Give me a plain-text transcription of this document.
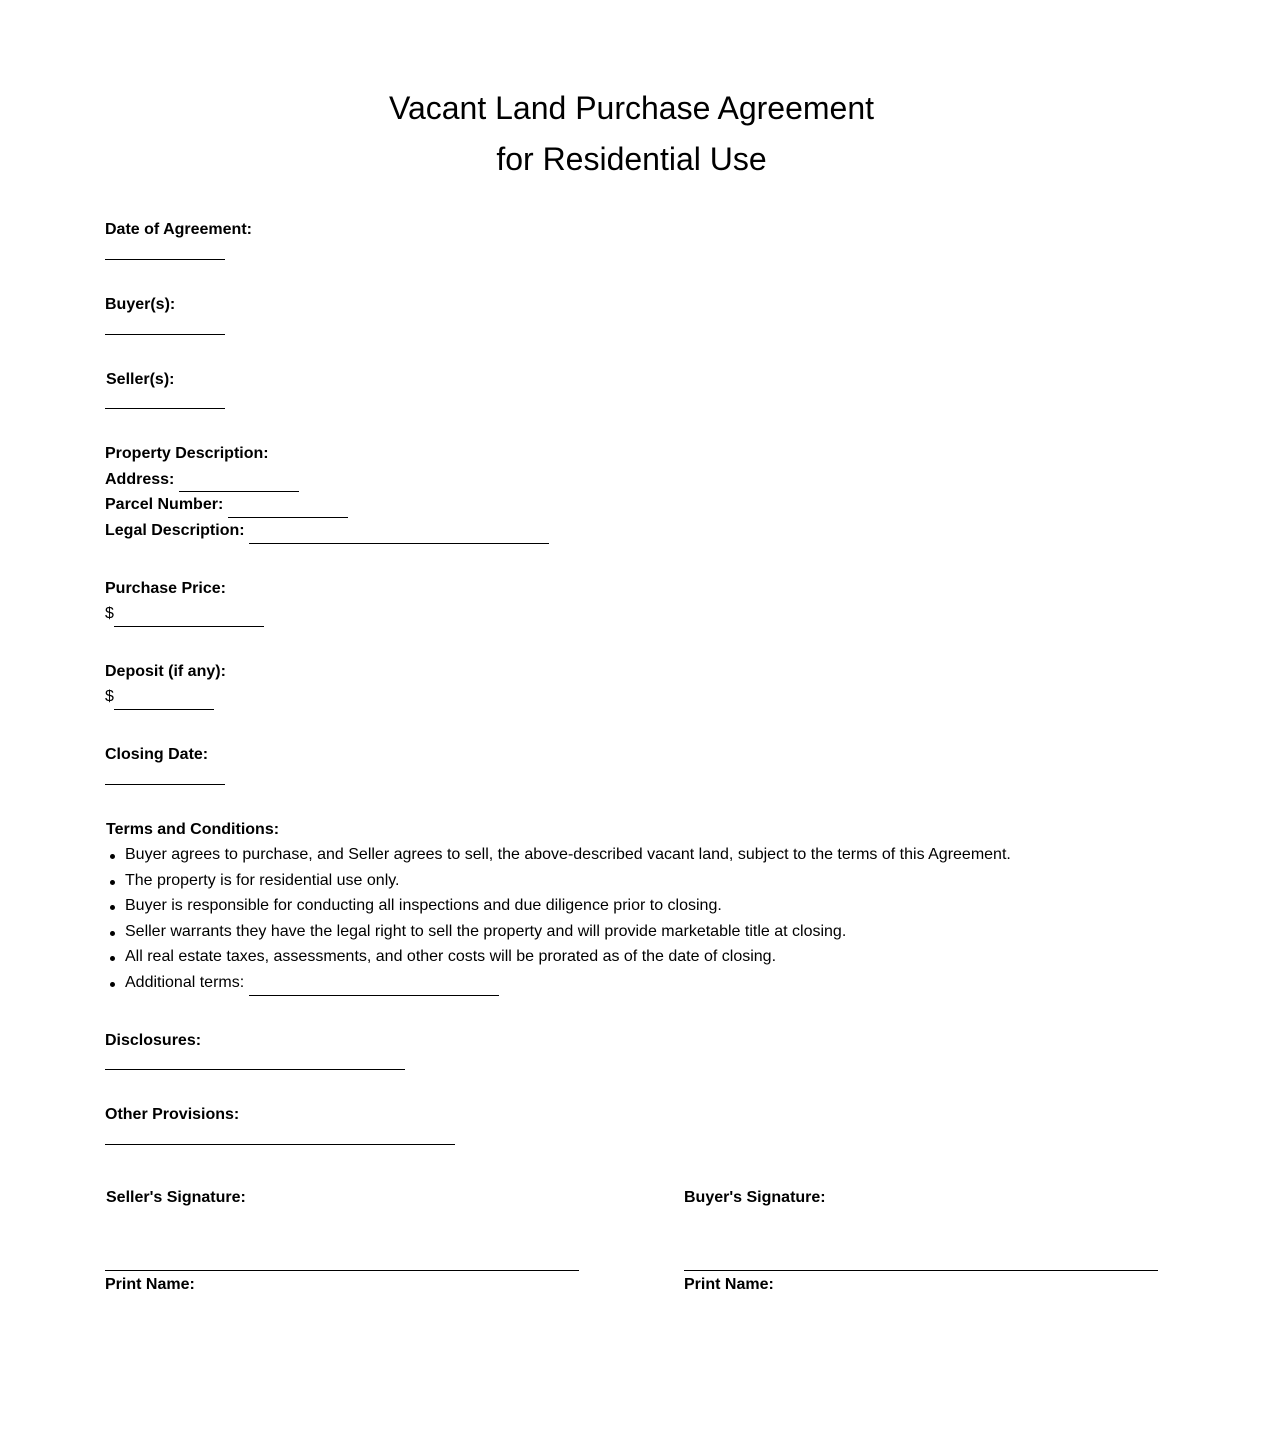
Vacant Land Purchase Agreement
for Residential Use
Date of Agreement:
Buyer(s):
Seller(s):
Property Description:
Address:
Parcel Number:
Legal Description:
Purchase Price:
$
Deposit (if any):
$
Closing Date:
Terms and Conditions:
Buyer agrees to purchase, and Seller agrees to sell, the above-described vacant land, subject to the terms of this Agreement.
The property is for residential use only.
Buyer is responsible for conducting all inspections and due diligence prior to closing.
Seller warrants they have the legal right to sell the property and will provide marketable title at closing.
All real estate taxes, assessments, and other costs will be prorated as of the date of closing.
Additional terms:
Disclosures:
Other Provisions:
Seller's Signature:
Print Name:
Buyer's Signature:
Print Name:
